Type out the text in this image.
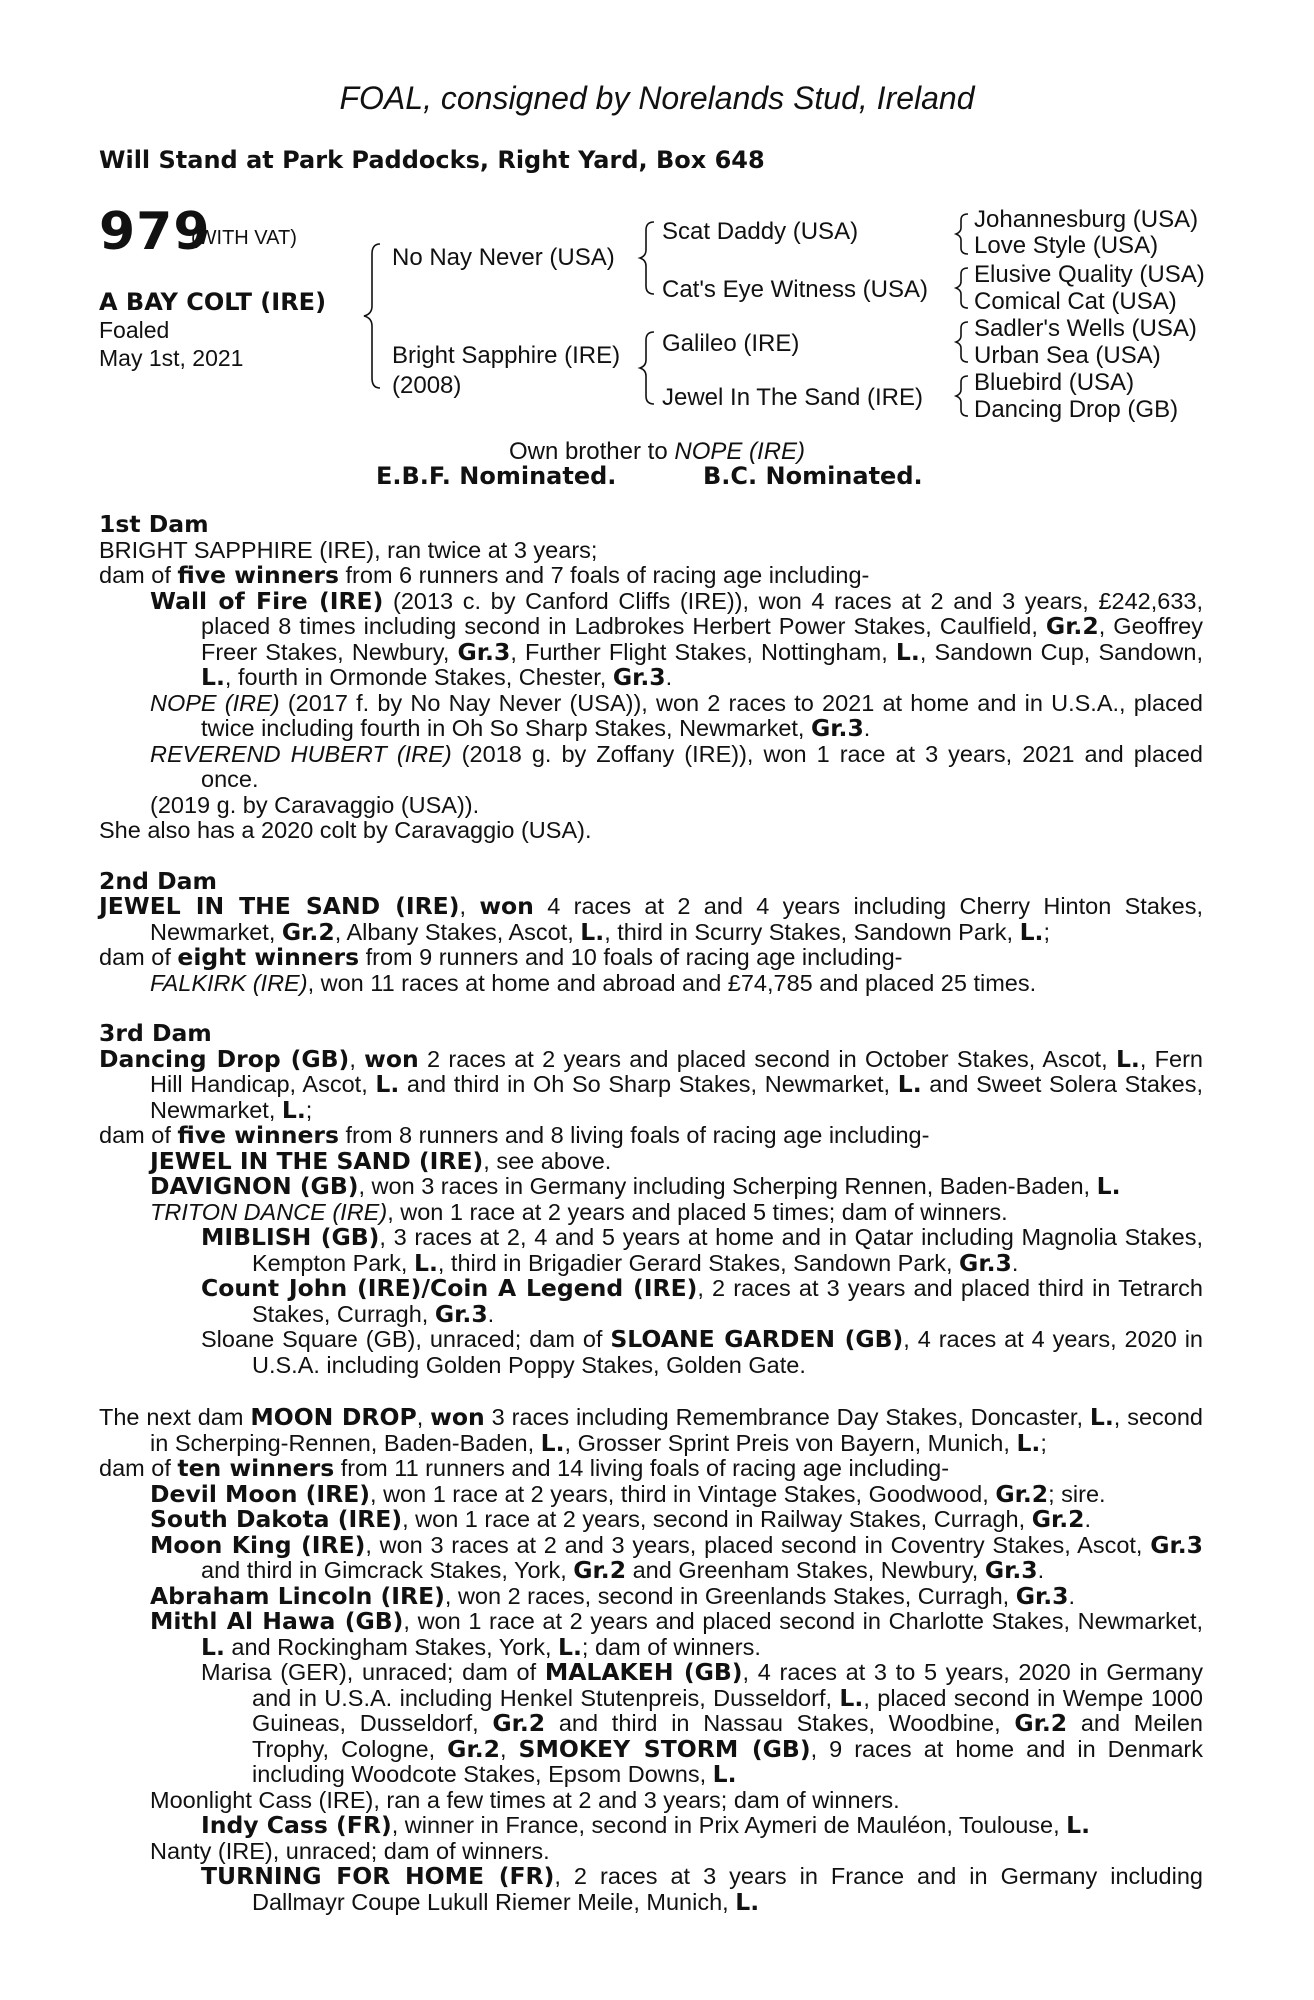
FOAL, consigned by Norelands Stud, Ireland
Will Stand at Park Paddocks, Right Yard, Box 648
979
(WITH VAT)
A BAY COLT (IRE)
Foaled
May 1st, 2021
No Nay Never (USA)
Bright Sapphire (IRE)
(2008)
Scat Daddy (USA)
Cat's Eye Witness (USA)
Galileo (IRE)
Jewel In The Sand (IRE)
Johannesburg (USA)
Love Style (USA)
Elusive Quality (USA)
Comical Cat (USA)
Sadler's Wells (USA)
Urban Sea (USA)
Bluebird (USA)
Dancing Drop (GB)
Own brother to NOPE (IRE)
E.B.F. Nominated.	B.C. Nominated.
1st Dam
BRIGHT SAPPHIRE (IRE), ran twice at 3 years;
dam of five winners from 6 runners and 7 foals of racing age including-
Wall of Fire (IRE) (2013 c. by Canford Cliffs (IRE)), won 4 races at 2 and 3 years, £242,633, placed 8 times including second in Ladbrokes Herbert Power Stakes, Caulfield, Gr.2, Geoffrey Freer Stakes, Newbury, Gr.3, Further Flight Stakes, Nottingham, L., Sandown Cup, Sandown, L., fourth in Ormonde Stakes, Chester, Gr.3.
NOPE (IRE) (2017 f. by No Nay Never (USA)), won 2 races to 2021 at home and in U.S.A., placed twice including fourth in Oh So Sharp Stakes, Newmarket, Gr.3.
REVEREND HUBERT (IRE) (2018 g. by Zoffany (IRE)), won 1 race at 3 years, 2021 and placed once.
(2019 g. by Caravaggio (USA)).
She also has a 2020 colt by Caravaggio (USA).
2nd Dam
JEWEL IN THE SAND (IRE), won 4 races at 2 and 4 years including Cherry Hinton Stakes, Newmarket, Gr.2, Albany Stakes, Ascot, L., third in Scurry Stakes, Sandown Park, L.;
dam of eight winners from 9 runners and 10 foals of racing age including-
FALKIRK (IRE), won 11 races at home and abroad and £74,785 and placed 25 times.
3rd Dam
Dancing Drop (GB), won 2 races at 2 years and placed second in October Stakes, Ascot, L., Fern Hill Handicap, Ascot, L. and third in Oh So Sharp Stakes, Newmarket, L. and Sweet Solera Stakes, Newmarket, L.;
dam of five winners from 8 runners and 8 living foals of racing age including-
JEWEL IN THE SAND (IRE), see above.
DAVIGNON (GB), won 3 races in Germany including Scherping Rennen, Baden-Baden, L.
TRITON DANCE (IRE), won 1 race at 2 years and placed 5 times; dam of winners.
MIBLISH (GB), 3 races at 2, 4 and 5 years at home and in Qatar including Magnolia Stakes, Kempton Park, L., third in Brigadier Gerard Stakes, Sandown Park, Gr.3.
Count John (IRE)/Coin A Legend (IRE), 2 races at 3 years and placed third in Tetrarch Stakes, Curragh, Gr.3.
Sloane Square (GB), unraced; dam of SLOANE GARDEN (GB), 4 races at 4 years, 2020 in U.S.A. including Golden Poppy Stakes, Golden Gate.
The next dam MOON DROP, won 3 races including Remembrance Day Stakes, Doncaster, L., second in Scherping-Rennen, Baden-Baden, L., Grosser Sprint Preis von Bayern, Munich, L.;
dam of ten winners from 11 runners and 14 living foals of racing age including-
Devil Moon (IRE), won 1 race at 2 years, third in Vintage Stakes, Goodwood, Gr.2; sire.
South Dakota (IRE), won 1 race at 2 years, second in Railway Stakes, Curragh, Gr.2.
Moon King (IRE), won 3 races at 2 and 3 years, placed second in Coventry Stakes, Ascot, Gr.3 and third in Gimcrack Stakes, York, Gr.2 and Greenham Stakes, Newbury, Gr.3.
Abraham Lincoln (IRE), won 2 races, second in Greenlands Stakes, Curragh, Gr.3.
Mithl Al Hawa (GB), won 1 race at 2 years and placed second in Charlotte Stakes, Newmarket, L. and Rockingham Stakes, York, L.; dam of winners.
Marisa (GER), unraced; dam of MALAKEH (GB), 4 races at 3 to 5 years, 2020 in Germany and in U.S.A. including Henkel Stutenpreis, Dusseldorf, L., placed second in Wempe 1000 Guineas, Dusseldorf, Gr.2 and third in Nassau Stakes, Woodbine, Gr.2 and Meilen Trophy, Cologne, Gr.2, SMOKEY STORM (GB), 9 races at home and in Denmark including Woodcote Stakes, Epsom Downs, L.
Moonlight Cass (IRE), ran a few times at 2 and 3 years; dam of winners.
Indy Cass (FR), winner in France, second in Prix Aymeri de Mauléon, Toulouse, L.
Nanty (IRE), unraced; dam of winners.
TURNING FOR HOME (FR), 2 races at 3 years in France and in Germany including Dallmayr Coupe Lukull Riemer Meile, Munich, L.
